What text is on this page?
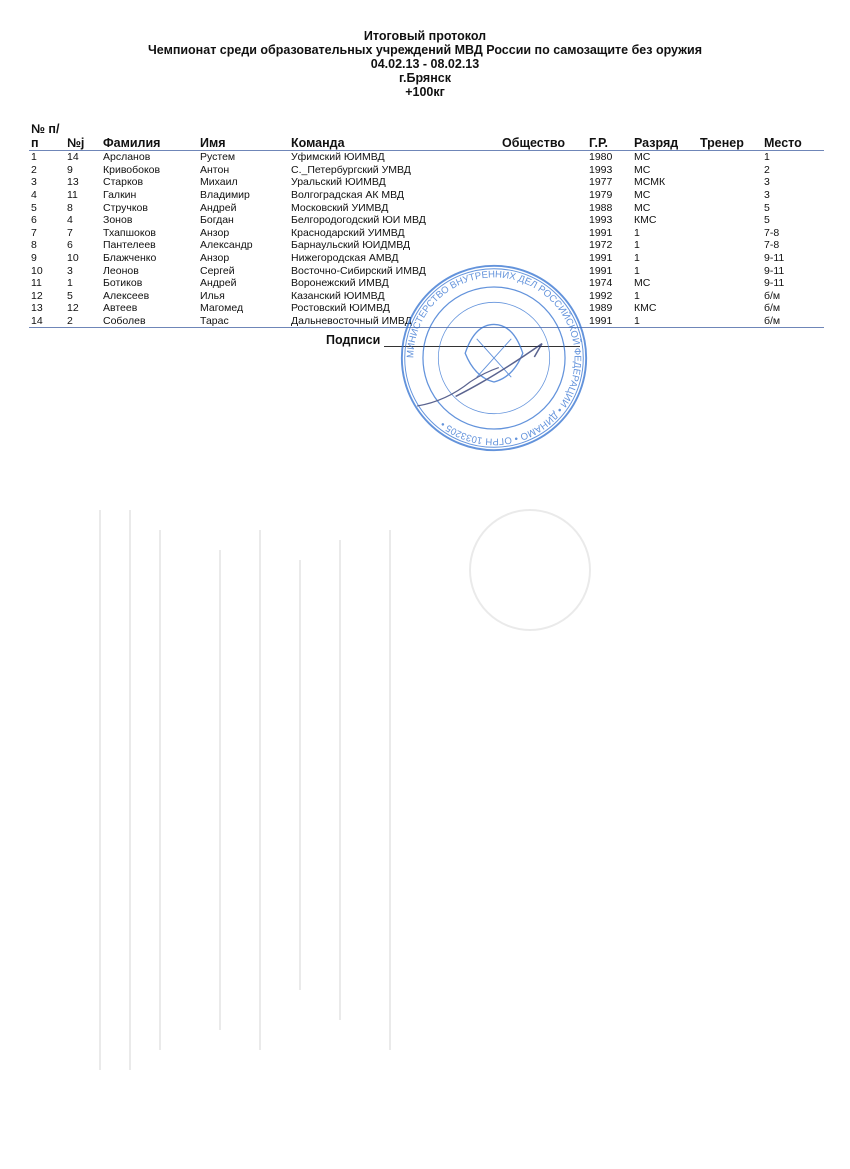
Итоговый протокол
Чемпионат среди образовательных учреждений МВД России по самозащите без оружия
04.02.13 - 08.02.13
г.Брянск
+100кг
№ п/п	№j	Фамилия	Имя	Команда	Общество	Г.Р.	Разряд	Тренер	Место
1	14	Арсланов	Рустем	Уфимский ЮИМВД		1980	МС		1
2	9	Кривобоков	Антон	С._Петербургский УМВД		1993	МС		2
3	13	Старков	Михаил	Уральский ЮИМВД		1977	МСМК		3
4	11	Галкин	Владимир	Волгоградская АК МВД		1979	МС		3
5	8	Стручков	Андрей	Московский УИМВД		1988	МС		5
6	4	Зонов	Богдан	Белгородогодский ЮИ МВД		1993	КМС		5
7	7	Тхапшоков	Анзор	Краснодарский УИМВД		1991	1		7-8
8	6	Пантелеев	Александр	Барнаульский ЮИДМВД		1972	1		7-8
9	10	Блажченко	Анзор	Нижегородская АМВД		1991	1		9-11
10	3	Леонов	Сергей	Восточно-Сибирский ИМВД		1991	1		9-11
11	1	Ботиков	Андрей	Воронежский ИМВД		1974	МС		9-11
12	5	Алексеев	Илья	Казанский ЮИМВД		1992	1		б/м
13	12	Автеев	Магомед	Ростовский ЮИМВД		1989	КМС		б/м
14	2	Соболев	Тарас	Дальневосточный ИМВД		1991	1		б/м
Подписи
МИНИСТЕРСТВО ВНУТРЕННИХ ДЕЛ РОССИЙСКОЙ ФЕДЕРАЦИИ • ДИНАМО • ОГРН 1033205 •
